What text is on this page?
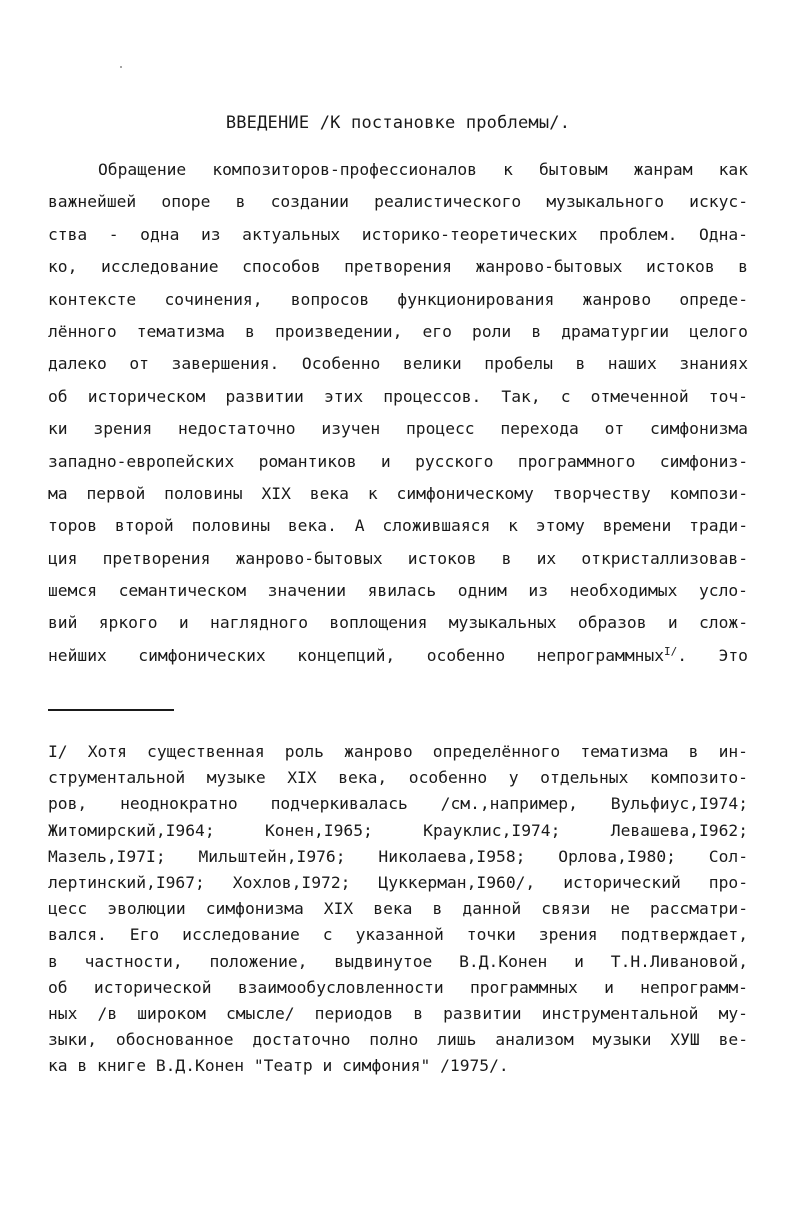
ВВЕДЕНИЕ /К постановке проблемы/.
Обращение композиторов-профессионалов к бытовым жанрам как
важнейшей опоре в создании реалистического музыкального искус-
ства - одна из актуальных историко-теоретических проблем. Одна-
ко, исследование способов претворения жанрово-бытовых истоков в
контексте сочинения, вопросов функционирования жанрово опреде-
лённого тематизма в произведении, его роли в драматургии целого
далеко от завершения. Особенно велики пробелы в наших знаниях
об историческом развитии этих процессов. Так, с отмеченной точ-
ки зрения недостаточно изучен процесс перехода от симфонизма
западно-европейских романтиков и русского программного симфониз-
ма первой половины XIX века к симфоническому творчеству компози-
торов второй половины века. А сложившаяся к этому времени тради-
ция претворения жанрово-бытовых истоков в их откристаллизовав-
шемся семантическом значении явилась одним из необходимых усло-
вий яркого и наглядного воплощения музыкальных образов и слож-
нейших симфонических концепций, особенно непрограммных$^{I/}$. Это
I/ Хотя существенная роль жанрово определённого тематизма в ин-
струментальной музыке XIX века, особенно у отдельных композито-
ров, неоднократно подчеркивалась /см.,например, Вульфиус,I974;
Житомирский,I964; Конен,I965; Крауклис,I974; Левашева,I962;
Мазель,I97I; Мильштейн,I976; Николаева,I958; Орлова,I980; Сол-
лертинский,I967; Хохлов,I972; Цуккерман,I960/, исторический про-
цесс эволюции симфонизма XIX века в данной связи не рассматри-
вался. Его исследование с указанной точки зрения подтверждает,
в частности, положение, выдвинутое В.Д.Конен и Т.Н.Ливановой,
об исторической взаимообусловленности программных и непрограмм-
ных /в широком смысле/ периодов в развитии инструментальной му-
зыки, обоснованное достаточно полно лишь анализом музыки ХУШ ве-
ка в книге В.Д.Конен "Театр и симфония" /1975/.
